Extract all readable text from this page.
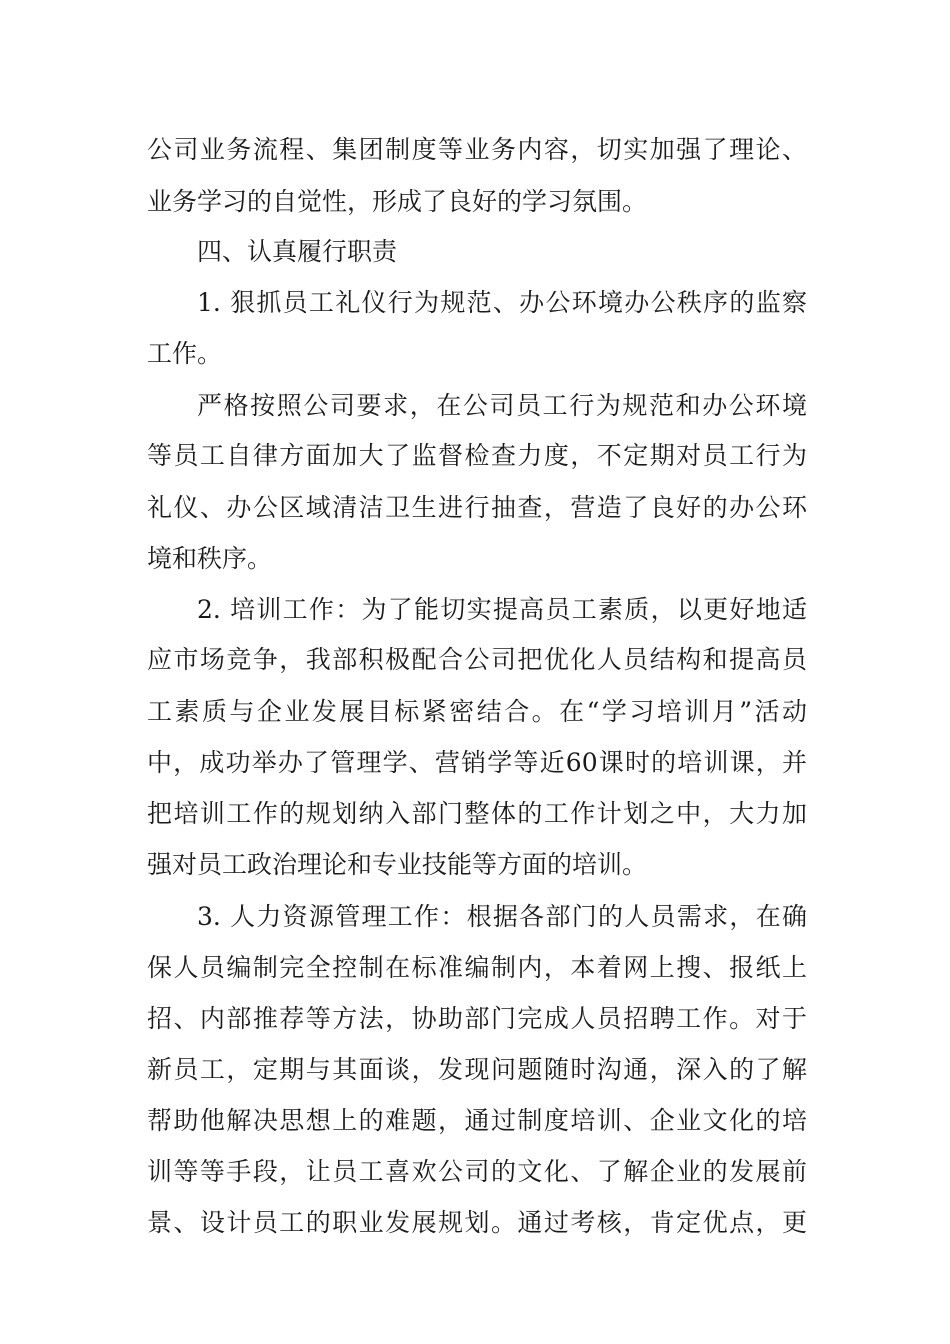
公司业务流程、集团制度等业务内容，切实加强了理论、
业务学习的自觉性，形成了良好的学习氛围。
四、认真履行职责
1. 狠抓员工礼仪行为规范、办公环境办公秩序的监察
工作。
严格按照公司要求，在公司员工行为规范和办公环境
等员工自律方面加大了监督检查力度，不定期对员工行为
礼仪、办公区域清洁卫生进行抽查，营造了良好的办公环
境和秩序。
2. 培训工作：为了能切实提高员工素质，以更好地适
应市场竞争，我部积极配合公司把优化人员结构和提高员
工素质与企业发展目标紧密结合。在“学习培训月”活动
中，成功举办了管理学、营销学等近60课时的培训课，并
把培训工作的规划纳入部门整体的工作计划之中，大力加
强对员工政治理论和专业技能等方面的培训。
3. 人力资源管理工作：根据各部门的人员需求，在确
保人员编制完全控制在标准编制内，本着网上搜、报纸上
招、内部推荐等方法，协助部门完成人员招聘工作。对于
新员工，定期与其面谈，发现问题随时沟通，深入的了解
帮助他解决思想上的难题，通过制度培训、企业文化的培
训等等手段，让员工喜欢公司的文化、了解企业的发展前
景、设计员工的职业发展规划。通过考核，肯定优点，更
